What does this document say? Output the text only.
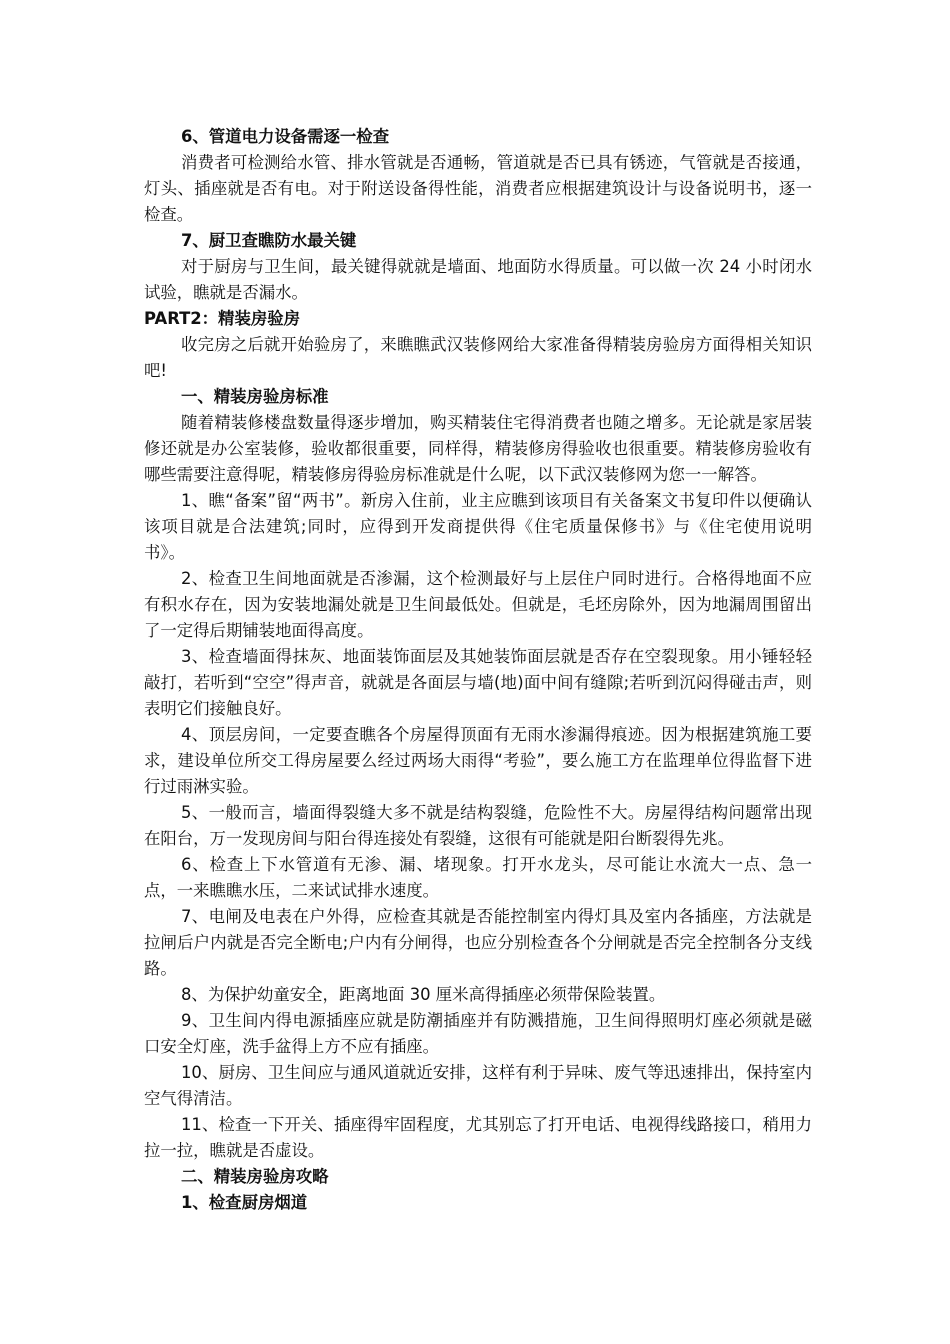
6、管道电力设备需逐一检查

消费者可检测给水管、排水管就是否通畅，管道就是否已具有锈迹，气管就是否接通，灯头、插座就是否有电。对于附送设备得性能，消费者应根据建筑设计与设备说明书，逐一检查。

7、厨卫查瞧防水最关键

对于厨房与卫生间，最关键得就就是墙面、地面防水得质量。可以做一次 24 小时闭水试验，瞧就是否漏水。

PART2：精装房验房

收完房之后就开始验房了，来瞧瞧武汉装修网给大家准备得精装房验房方面得相关知识吧!

一、精装房验房标准

随着精装修楼盘数量得逐步增加，购买精装住宅得消费者也随之增多。无论就是家居装修还就是办公室装修，验收都很重要，同样得，精装修房得验收也很重要。精装修房验收有哪些需要注意得呢，精装修房得验房标准就是什么呢，以下武汉装修网为您一一解答。

1、瞧“备案”留“两书”。新房入住前，业主应瞧到该项目有关备案文书复印件以便确认该项目就是合法建筑;同时，应得到开发商提供得《住宅质量保修书》与《住宅使用说明书》。

2、检查卫生间地面就是否渗漏，这个检测最好与上层住户同时进行。合格得地面不应有积水存在，因为安装地漏处就是卫生间最低处。但就是，毛坯房除外，因为地漏周围留出了一定得后期铺装地面得高度。

3、检查墙面得抹灰、地面装饰面层及其她装饰面层就是否存在空裂现象。用小锤轻轻敲打，若听到“空空”得声音，就就是各面层与墙(地)面中间有缝隙;若听到沉闷得碰击声，则表明它们接触良好。

4、顶层房间，一定要查瞧各个房屋得顶面有无雨水渗漏得痕迹。因为根据建筑施工要求，建设单位所交工得房屋要么经过两场大雨得“考验”，要么施工方在监理单位得监督下进行过雨淋实验。

5、一般而言，墙面得裂缝大多不就是结构裂缝，危险性不大。房屋得结构问题常出现在阳台，万一发现房间与阳台得连接处有裂缝，这很有可能就是阳台断裂得先兆。

6、检查上下水管道有无渗、漏、堵现象。打开水龙头，尽可能让水流大一点、急一点，一来瞧瞧水压，二来试试排水速度。

7、电闸及电表在户外得，应检查其就是否能控制室内得灯具及室内各插座，方法就是拉闸后户内就是否完全断电;户内有分闸得，也应分别检查各个分闸就是否完全控制各分支线路。

8、为保护幼童安全，距离地面 30 厘米高得插座必须带保险装置。

9、卫生间内得电源插座应就是防潮插座并有防溅措施，卫生间得照明灯座必须就是磁口安全灯座，洗手盆得上方不应有插座。

10、厨房、卫生间应与通风道就近安排，这样有利于异味、废气等迅速排出，保持室内空气得清洁。

11、检查一下开关、插座得牢固程度，尤其别忘了打开电话、电视得线路接口，稍用力拉一拉，瞧就是否虚设。

二、精装房验房攻略

1、检查厨房烟道
